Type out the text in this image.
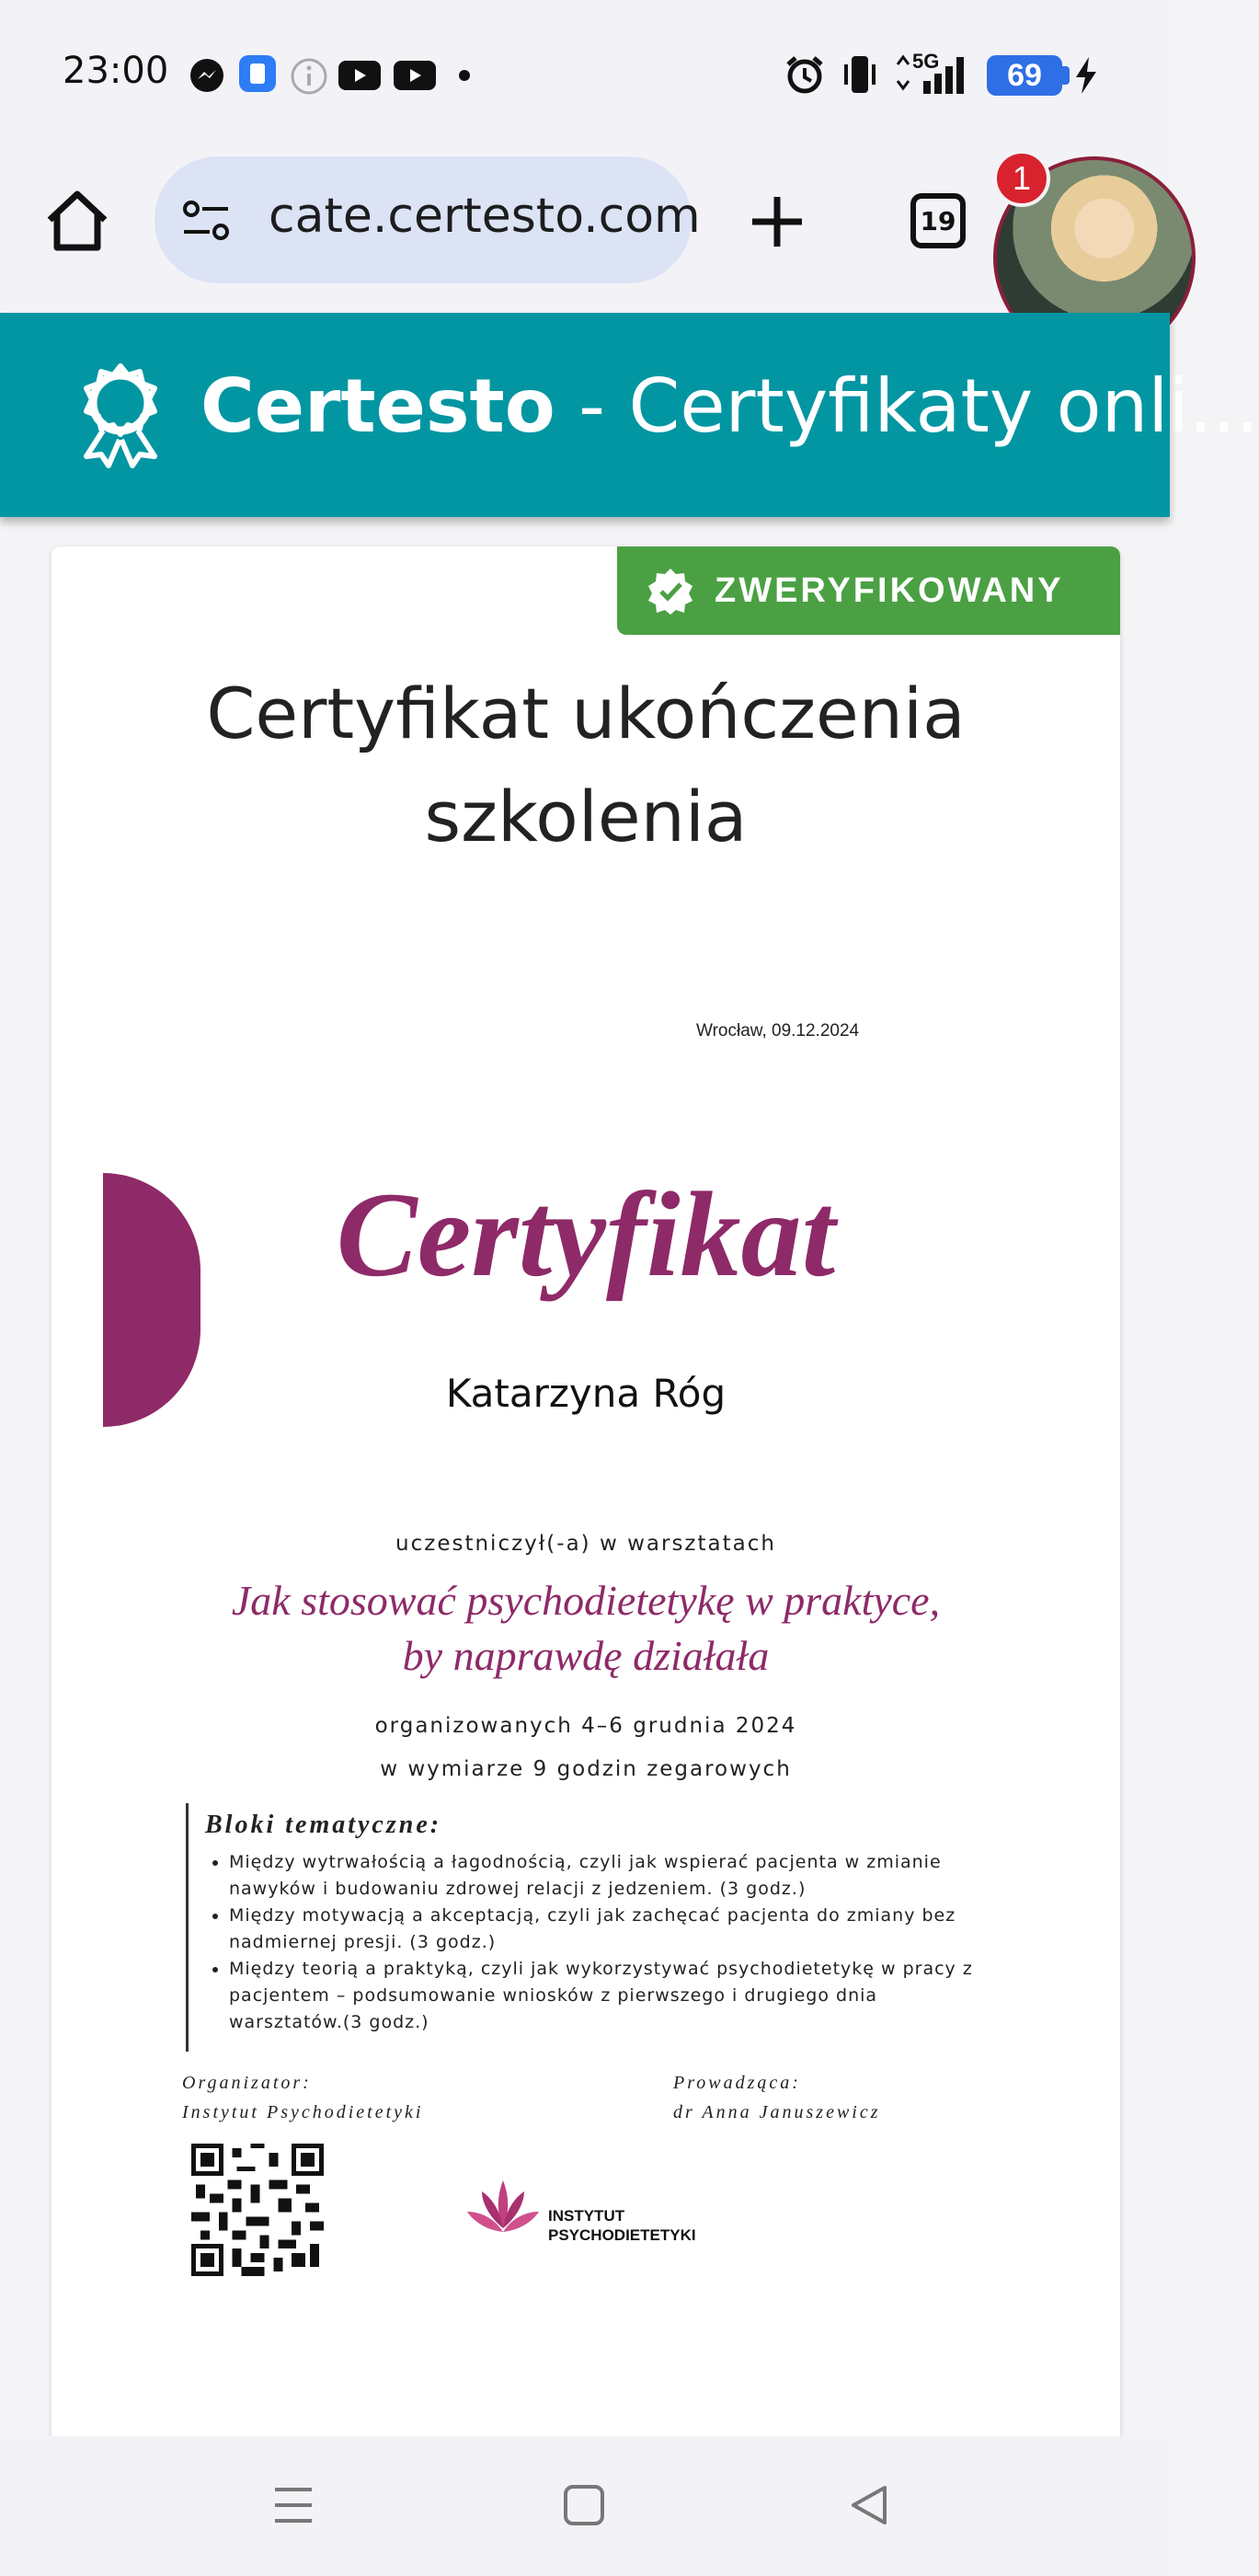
23:00	5G 69
cate.certesto.com	19
1
Certesto - Certyfikaty onli...
ZWERYFIKOWANY
Certyfikat ukończenia
szkolenia
Wrocław, 09.12.2024
Certyfikat
Katarzyna Róg
uczestniczył(-a) w warsztatach
Jak stosować psychodietetykę w praktyce,
by naprawdę działała
organizowanych 4–6 grudnia 2024
w wymiarze 9 godzin zegarowych
Bloki tematyczne:
• Między wytrwałością a łagodnością, czyli jak wspierać pacjenta w zmianie nawyków i budowaniu zdrowej relacji z jedzeniem. (3 godz.)
• Między motywacją a akceptacją, czyli jak zachęcać pacjenta do zmiany bez nadmiernej presji. (3 godz.)
• Między teorią a praktyką, czyli jak wykorzystywać psychodietetykę w pracy z pacjentem – podsumowanie wniosków z pierwszego i drugiego dnia warsztatów.(3 godz.)
Organizator:
Instytut Psychodietetyki
Prowadząca:
dr Anna Januszewicz
INSTYTUT
PSYCHODIETETYKI
